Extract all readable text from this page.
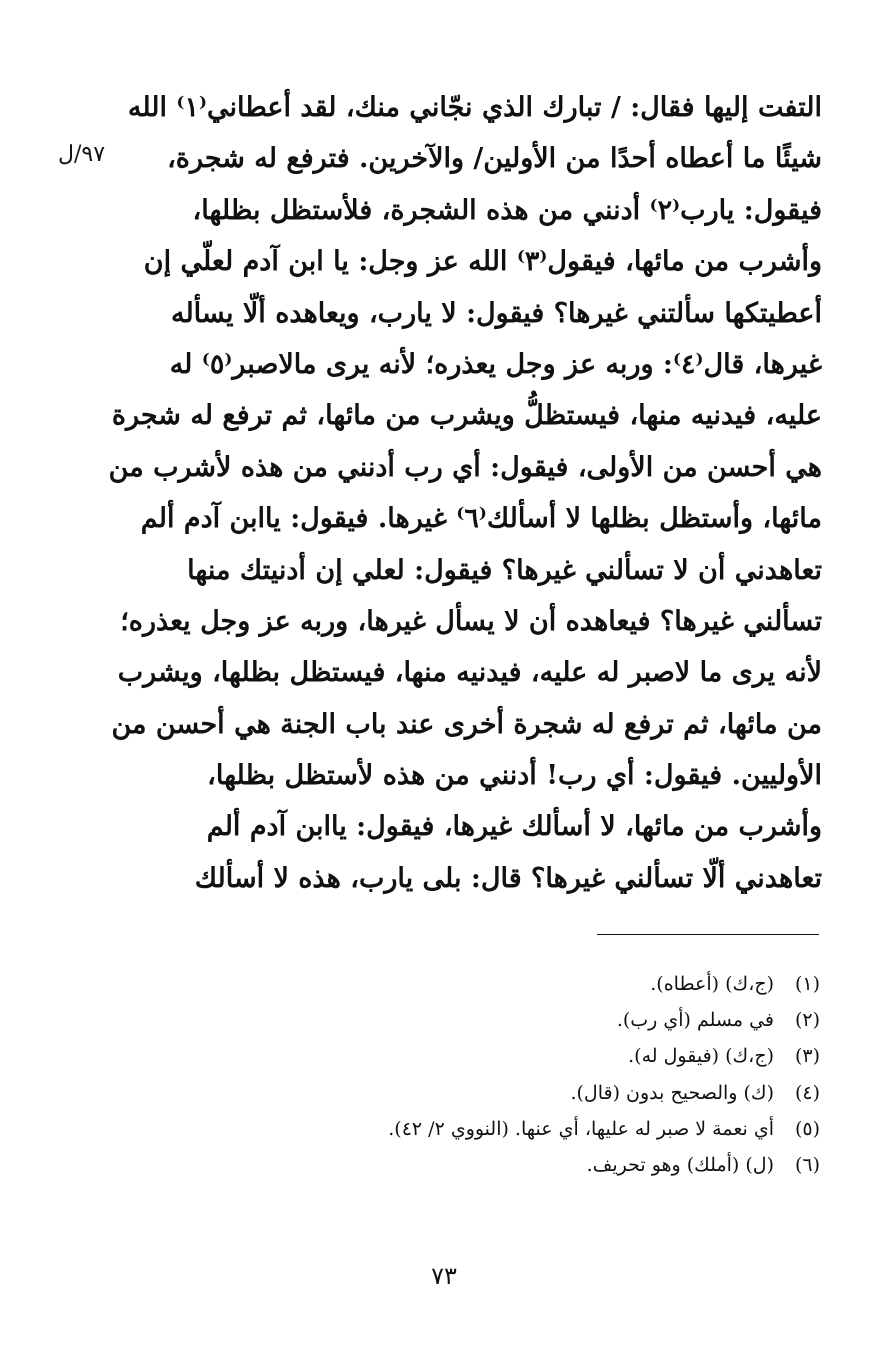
٩٧/ل
التفت إليها فقال: / تبارك الذي نجّاني منك، لقد أعطاني⁽١⁾ الله
شيئًا ما أعطاه أحدًا من الأولين/ والآخرين. فترفع له شجرة،
فيقول: يارب⁽٢⁾ أدنني من هذه الشجرة، فلأستظل بظلها،
وأشرب من مائها، فيقول⁽٣⁾ الله عز وجل: يا ابن آدم لعلّي إن
أعطيتكها سألتني غيرها؟ فيقول: لا يارب، ويعاهده ألّا يسأله
غيرها، قال⁽٤⁾: وربه عز وجل يعذره؛ لأنه يرى مالاصبر⁽٥⁾ له
عليه، فيدنيه منها، فيستظلُّ ويشرب من مائها، ثم ترفع له شجرة
هي أحسن من الأولى، فيقول: أي رب أدنني من هذه لأشرب من
مائها، وأستظل بظلها لا أسألك⁽٦⁾ غيرها. فيقول: ياابن آدم ألم
تعاهدني أن لا تسألني غيرها؟ فيقول: لعلي إن أدنيتك منها
تسألني غيرها؟ فيعاهده أن لا يسأل غيرها، وربه عز وجل يعذره؛
لأنه يرى ما لاصبر له عليه، فيدنيه منها، فيستظل بظلها، ويشرب
من مائها، ثم ترفع له شجرة أخرى عند باب الجنة هي أحسن من
الأوليين. فيقول: أي رب! أدنني من هذه لأستظل بظلها،
وأشرب من مائها، لا أسألك غيرها، فيقول: ياابن آدم ألم
تعاهدني ألّا تسألني غيرها؟ قال: بلى يارب، هذه لا أسألك
(١)(ج،ك) (أعطاه).
(٢)في مسلم (أي رب).
(٣)(ج،ك) (فيقول له).
(٤)(ك) والصحيح بدون (قال).
(٥)أي نعمة لا صبر له عليها، أي عنها. (النووي ٢/ ٤٢).
(٦)(ل) (أملك) وهو تحريف.
٧٣
